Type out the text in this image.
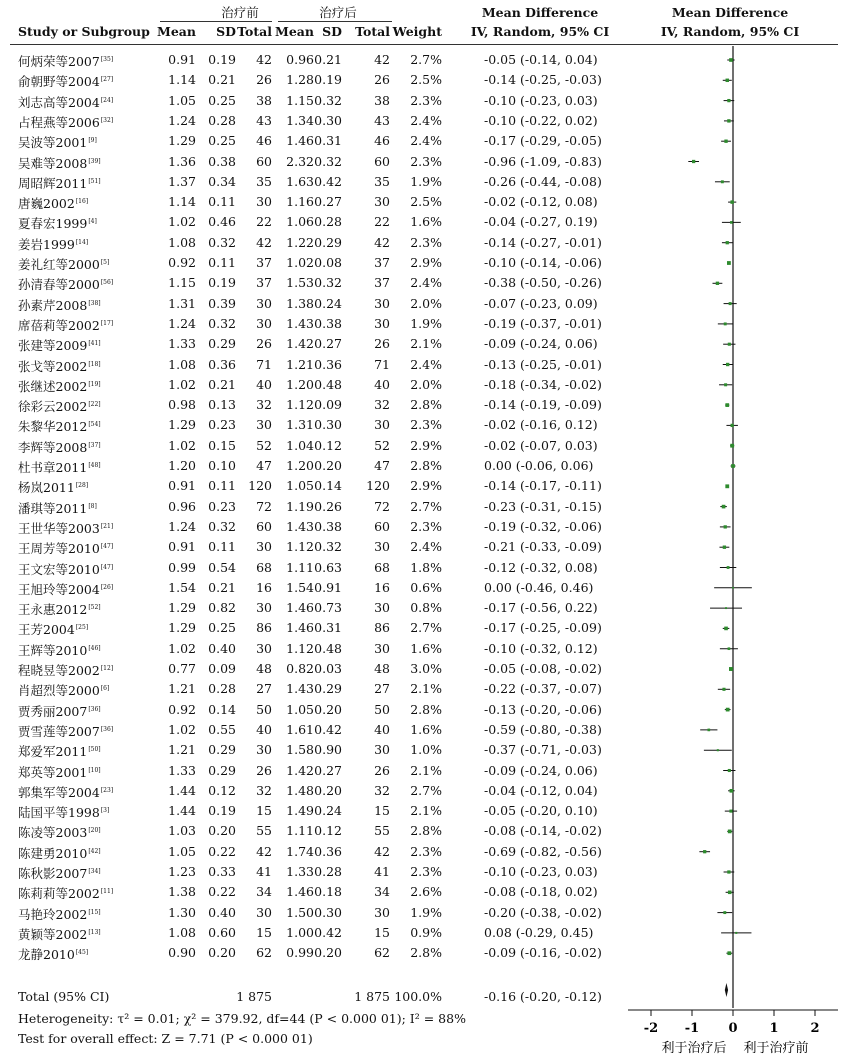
Study or Subgroup
治疗前	治疗后
Mean	SD Total Mean SD Total Weight
Mean Difference
IV, Random, 95% CI
Mean Difference
IV, Random, 95% CI
何炳荣等2007[35]	0.91 0.19	42	0.96 0.21	42	2.7%	-0.05 (-0.14, 0.04)
俞朝野等2004[27]	1.14 0.21	26	1.28 0.19	26	2.5%	-0.14 (-0.25, -0.03)
刘志高等2004[24]	1.05 0.25	38	1.15 0.32	38	2.3%	-0.10 (-0.23, 0.03)
占程燕等2006[32]	1.24 0.28	43	1.34 0.30	43	2.4%	-0.10 (-0.22, 0.02)
吴波等2001[9]	1.29 0.25	46	1.46 0.31	46	2.4%	-0.17 (-0.29, -0.05)
吴难等2008[39]	1.36 0.38	60	2.32 0.32	60	2.3%	-0.96 (-1.09, -0.83)
周昭辉2011[51]	1.37 0.34	35	1.63 0.42	35	1.9%	-0.26 (-0.44, -0.08)
唐巍2002[16]	1.14 0.11	30	1.16 0.27	30	2.5%	-0.02 (-0.12, 0.08)
夏春宏1999[4]	1.02 0.46	22	1.06 0.28	22	1.6%	-0.04 (-0.27, 0.19)
姜岩1999[14]	1.08 0.32	42	1.22 0.29	42	2.3%	-0.14 (-0.27, -0.01)
姜礼红等2000[5]	0.92 0.11	37	1.02 0.08	37	2.9%	-0.10 (-0.14, -0.06)
孙清春等2000[56]	1.15 0.19	37	1.53 0.32	37	2.4%	-0.38 (-0.50, -0.26)
孙素芹2008[38]	1.31 0.39	30	1.38 0.24	30	2.0%	-0.07 (-0.23, 0.09)
席蓓莉等2002[17]	1.24 0.32	30	1.43 0.38	30	1.9%	-0.19 (-0.37, -0.01)
张建等2009[41]	1.33 0.29	26	1.42 0.27	26	2.1%	-0.09 (-0.24, 0.06)
张戈等2002[18]	1.08 0.36	71	1.21 0.36	71	2.4%	-0.13 (-0.25, -0.01)
张继述2002[19]	1.02 0.21	40	1.20 0.48	40	2.0%	-0.18 (-0.34, -0.02)
徐彩云2002[22]	0.98 0.13	32	1.12 0.09	32	2.8%	-0.14 (-0.19, -0.09)
朱黎华2012[54]	1.29 0.23	30	1.31 0.30	30	2.3%	-0.02 (-0.16, 0.12)
李辉等2008[37]	1.02 0.15	52	1.04 0.12	52	2.9%	-0.02 (-0.07, 0.03)
杜书章2011[48]	1.20 0.10	47	1.20 0.20	47	2.8%	0.00 (-0.06, 0.06)
杨岚2011[28]	0.91 0.11 120	1.05 0.14	120	2.9%	-0.14 (-0.17, -0.11)
潘琪等2011[8]	0.96 0.23	72	1.19 0.26	72	2.7%	-0.23 (-0.31, -0.15)
王世华等2003[21]	1.24 0.32	60	1.43 0.38	60	2.3%	-0.19 (-0.32, -0.06)
王周芳等2010[47]	0.91 0.11	30	1.12 0.32	30	2.4%	-0.21 (-0.33, -0.09)
王文宏等2010[47]	0.99 0.54	68	1.11 0.63	68	1.8%	-0.12 (-0.32, 0.08)
王旭玲等2004[26]	1.54 0.21	16	1.54 0.91	16	0.6%	0.00 (-0.46, 0.46)
王永惠2012[52]	1.29 0.82	30	1.46 0.73	30	0.8%	-0.17 (-0.56, 0.22)
王芳2004[25]	1.29 0.25	86	1.46 0.31	86	2.7%	-0.17 (-0.25, -0.09)
王辉等2010[46]	1.02 0.40	30	1.12 0.48	30	1.6%	-0.10 (-0.32, 0.12)
程晓昱等2002[12]	0.77 0.09	48	0.82 0.03	48	3.0%	-0.05 (-0.08, -0.02)
肖超烈等2000[6]	1.21 0.28	27	1.43 0.29	27	2.1%	-0.22 (-0.37, -0.07)
贾秀丽2007[36]	0.92 0.14	50	1.05 0.20	50	2.8%	-0.13 (-0.20, -0.06)
贾雪莲等2007[36]	1.02 0.55	40	1.61 0.42	40	1.6%	-0.59 (-0.80, -0.38)
郑爱军2011[50]	1.21 0.29	30	1.58 0.90	30	1.0%	-0.37 (-0.71, -0.03)
郑英等2001[10]	1.33 0.29	26	1.42 0.27	26	2.1%	-0.09 (-0.24, 0.06)
郭集军等2004[23]	1.44 0.12	32	1.48 0.20	32	2.7%	-0.04 (-0.12, 0.04)
陆国平等1998[3]	1.44 0.19	15	1.49 0.24	15	2.1%	-0.05 (-0.20, 0.10)
陈凌等2003[20]	1.03 0.20	55	1.11 0.12	55	2.8%	-0.08 (-0.14, -0.02)
陈建勇2010[42]	1.05 0.22	42	1.74 0.36	42	2.3%	-0.69 (-0.82, -0.56)
陈秋影2007[34]	1.23 0.33	41	1.33 0.28	41	2.3%	-0.10 (-0.23, 0.03)
陈莉莉等2002[11]	1.38 0.22	34	1.46 0.18	34	2.6%	-0.08 (-0.18, 0.02)
马艳玲2002[15]	1.30 0.40	30	1.50 0.30	30	1.9%	-0.20 (-0.38, -0.02)
黄颖等2002[13]	1.08 0.60	15	1.00 0.42	15	0.9%	0.08 (-0.29, 0.45)
龙静2010[45]	0.90 0.20	62	0.99 0.20	62	2.8%	-0.09 (-0.16, -0.02)
Total (95% CI)	1 875	1 875 100.0%	-0.16 (-0.20, -0.12)
Heterogeneity: τ² = 0.01; χ² = 379.92, df=44 (P < 0.000 01); I² = 88%
Test for overall effect: Z = 7.71 (P < 0.000 01)
-2 -1 0 1 2
利于治疗后 利于治疗前
